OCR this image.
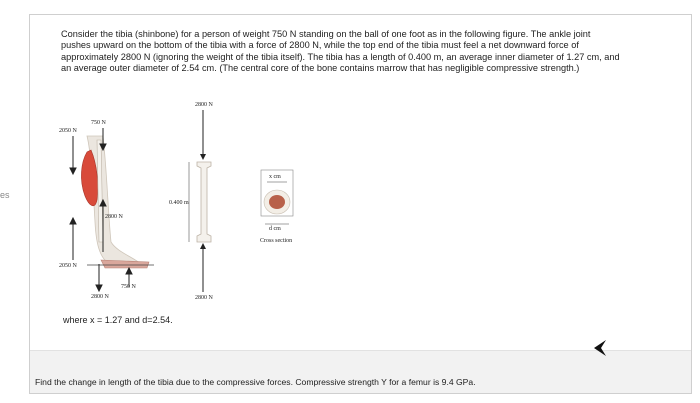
es
Consider the tibia (shinbone) for a person of weight 750 N standing on the ball of one foot as in the following figure. The ankle joint pushes upward on the bottom of the tibia with a force of 2800 N, while the top end of the tibia must feel a net downward force of approximately 2800 N (ignoring the weight of the tibia itself). The tibia has a length of 0.400 m, an average inner diameter of 1.27 cm, and an average outer diameter of 2.54 cm. (The central core of the bone contains marrow that has negligible compressive strength.)
2050 N
750 N
2800 N
2050 N
750 N
2800 N
2800 N
0.400 m
2800 N
x cm
d cm
Cross section
where x = 1.27 and d=2.54.
Find the change in length of the tibia due to the compressive forces. Compressive strength Y for a femur is 9.4 GPa.
